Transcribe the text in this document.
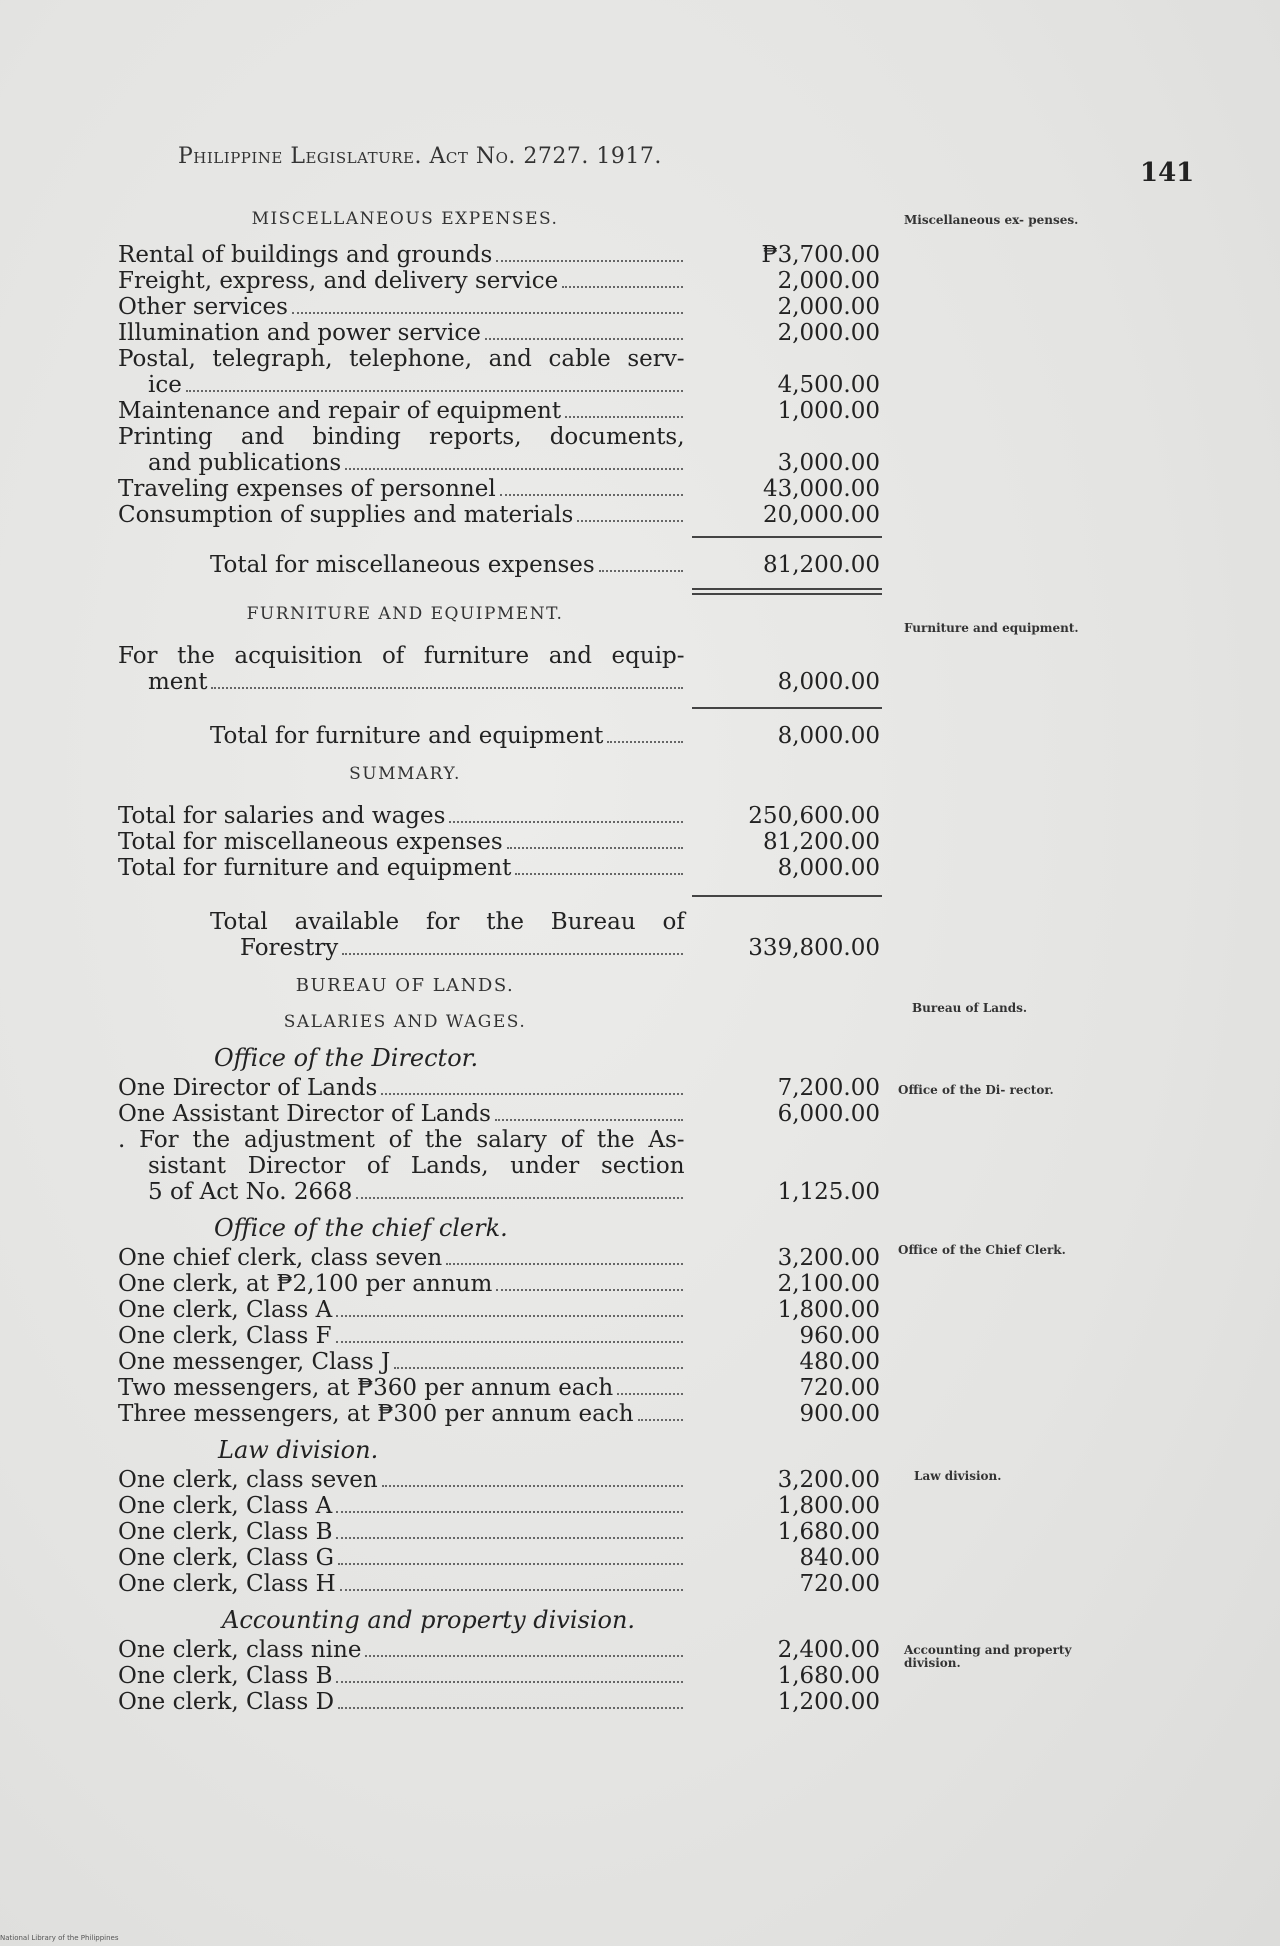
Philippine Legislature. Act No. 2727. 1917.
141
Miscellaneous ex- penses.
Furniture and equipment.
Bureau of Lands.
Office of the Di- rector.
Office of the Chief Clerk.
Law division.
Accounting and property division.
MISCELLANEOUS EXPENSES.
Rental of buildings and grounds	₱3,700.00
Freight, express, and delivery service	2,000.00
Other services	2,000.00
Illumination and power service	2,000.00
Postal, telegraph, telephone, and cable serv-
ice	4,500.00
Maintenance and repair of equipment	1,000.00
Printing and binding reports, documents,
and publications	3,000.00
Traveling expenses of personnel	43,000.00
Consumption of supplies and materials	20,000.00
Total for miscellaneous expenses	81,200.00
FURNITURE AND EQUIPMENT.
For the acquisition of furniture and equip-
ment	8,000.00
Total for furniture and equipment	8,000.00
SUMMARY.
Total for salaries and wages	250,600.00
Total for miscellaneous expenses	81,200.00
Total for furniture and equipment	8,000.00
Total available for the Bureau of
Forestry	339,800.00
BUREAU OF LANDS.
SALARIES AND WAGES.
Office of the Director.
One Director of Lands	7,200.00
One Assistant Director of Lands	6,000.00
. For the adjustment of the salary of the As-
sistant Director of Lands, under section
5 of Act No. 2668	1,125.00
Office of the chief clerk.
One chief clerk, class seven	3,200.00
One clerk, at ₱2,100 per annum	2,100.00
One clerk, Class A	1,800.00
One clerk, Class F	960.00
One messenger, Class J	480.00
Two messengers, at ₱360 per annum each	720.00
Three messengers, at ₱300 per annum each	900.00
Law division.
One clerk, class seven	3,200.00
One clerk, Class A	1,800.00
One clerk, Class B	1,680.00
One clerk, Class G	840.00
One clerk, Class H	720.00
Accounting and property division.
One clerk, class nine	2,400.00
One clerk, Class B	1,680.00
One clerk, Class D	1,200.00
National Library of the Philippines
